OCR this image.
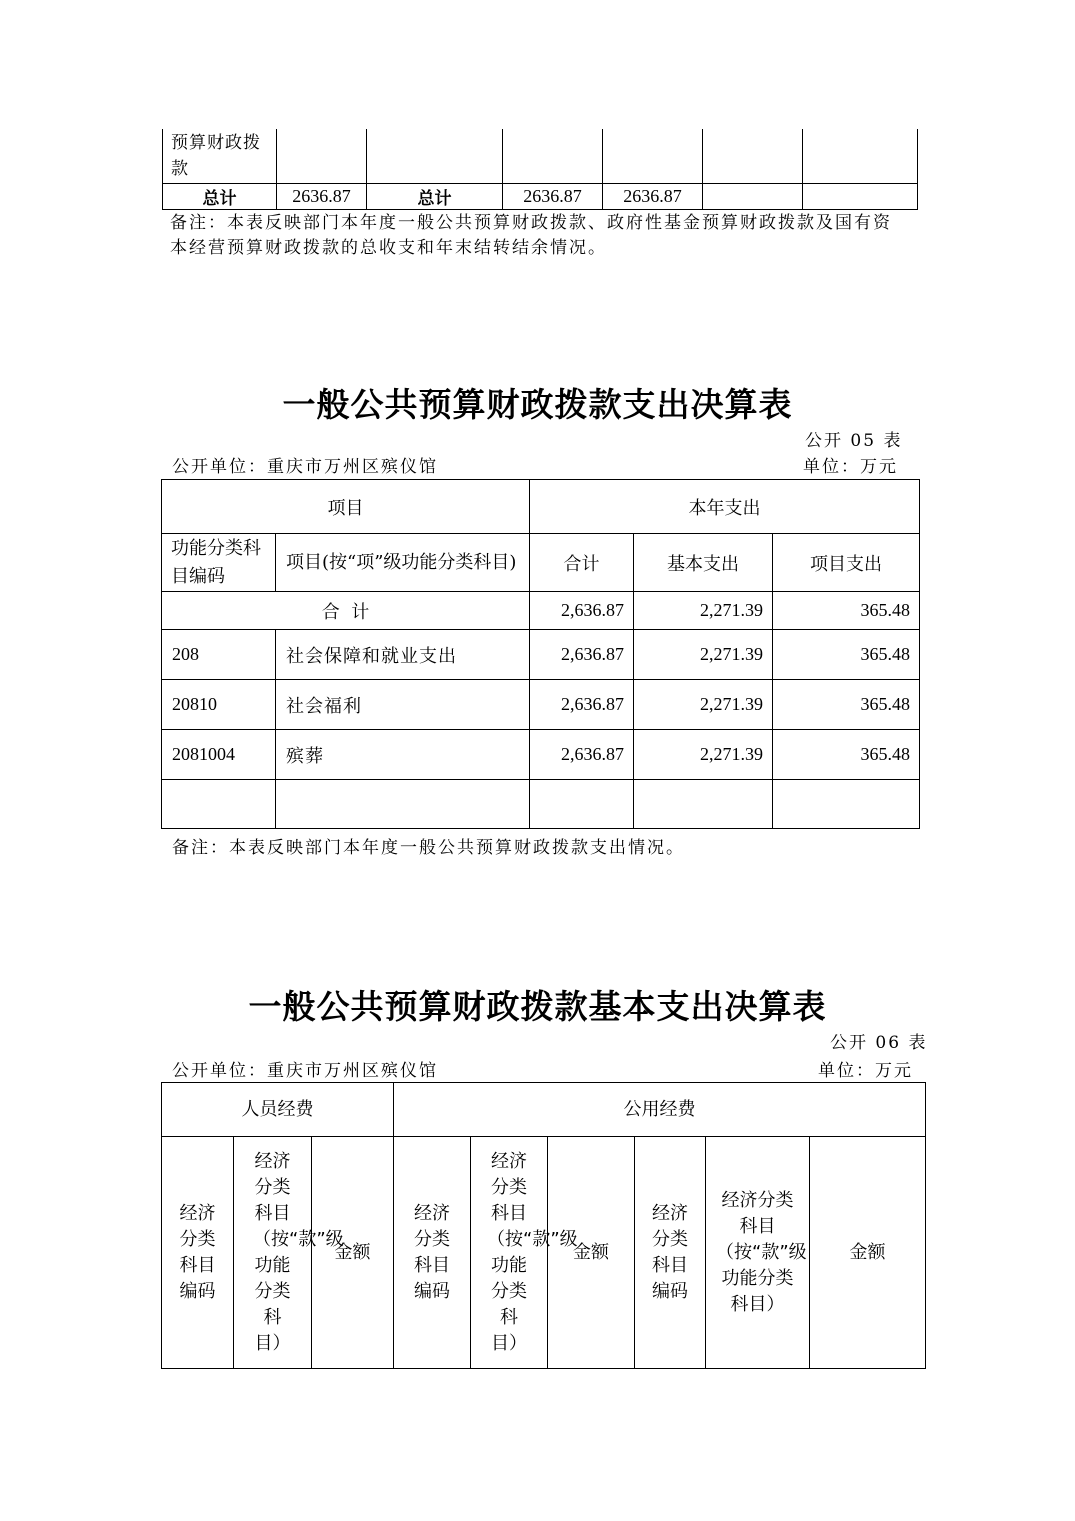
预算财政拨款						
总计	2636.87	总计	2636.87	2636.87		
备注：本表反映部门本年度一般公共预算财政拨款、政府性基金预算财政拨款及国有资本经营预算财政拨款的总收支和年末结转结余情况。
一般公共预算财政拨款支出决算表
公开 05 表
公开单位：重庆市万州区殡仪馆	单位：万元
项目		本年支出		
功能分类科目编码	项目(按“项”级功能分类科目)	合计	基本支出	项目支出
合  计		2,636.87	2,271.39	365.48
208	社会保障和就业支出	2,636.87	2,271.39	365.48
20810	社会福利	2,636.87	2,271.39	365.48
2081004	殡葬	2,636.87	2,271.39	365.48

备注：本表反映部门本年度一般公共预算财政拨款支出情况。
一般公共预算财政拨款基本支出决算表
公开 06 表
公开单位：重庆市万州区殡仪馆	单位：万元
人员经费			公用经费					
经济分类科目编码	经济分类科目（按“款”级功能分类科目）	金额	经济分类科目编码	经济分类科目（按“款”级功能分类科目）	金额	经济分类科目编码	经济分类科目（按“款”级功能分类科目）	金额
